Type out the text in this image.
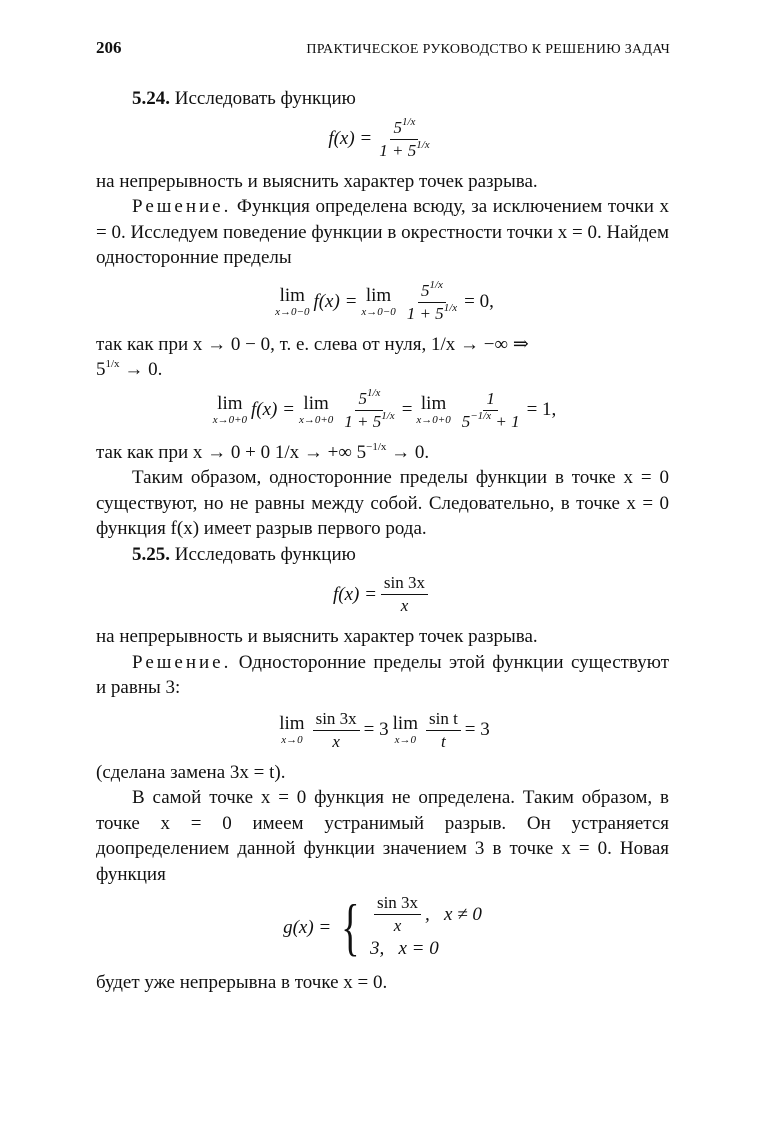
206	ПРАКТИЧЕСКОЕ РУКОВОДСТВО К РЕШЕНИЮ ЗАДАЧ

5.24. Исследовать функцию

$f(x) = \frac{5^{1/x}}{1 + 5^{1/x}}$

на непрерывность и выяснить характер точек разрыва.

Решение. Функция определена всюду, за исключением точки x = 0. Исследуем поведение функции в окрестности точки x = 0. Найдем односторонние пределы

lim
x→0−0 f(x) = lim
$x\to 0-0 \frac{5^{1/x}}{1 + 5^{1/x}} = 0$,

так как при x → 0 − 0, т. е. слева от нуля, 1/x → −∞ ⇒
$5^{1/x} \to 0$.

lim
x→0+0 f(x) = lim
$x\to 0+0 \frac{5^{1/x}}{1 + 5^{1/x}} = \lim$
$x\to 0+0 \frac{1}{5^{-1/x} + 1} = 1$,

так как при x → 0 + 0 1/x → +∞ $5^{-1/x} \to 0$.

Таким образом, односторонние пределы функции в точке x = 0 существуют, но не равны между собой. Следовательно, в точке x = 0 функция f(x) имеет разрыв первого рода.

5.25. Исследовать функцию

$f(x) = \frac{\sin 3x}{x}$

на непрерывность и выяснить характер точек разрыва.

Решение. Односторонние пределы этой функции существуют и равны 3:

lim
$x\to 0 \frac{\sin 3x}{x} = 3$ lim
$x\to 0 \frac{\text{sin t}}{t} = 3$

(сделана замена 3x = t).

В самой точке x = 0 функция не определена. Таким образом, в точке x = 0 имеем устранимый разрыв. Он устраняется доопределением данной функции значением 3 в точке x = 0. Новая функция

g(x) = { $\frac{\sin 3x}{x}$ ,   x ≠ 0
3,   x = 0

будет уже непрерывна в точке x = 0.
